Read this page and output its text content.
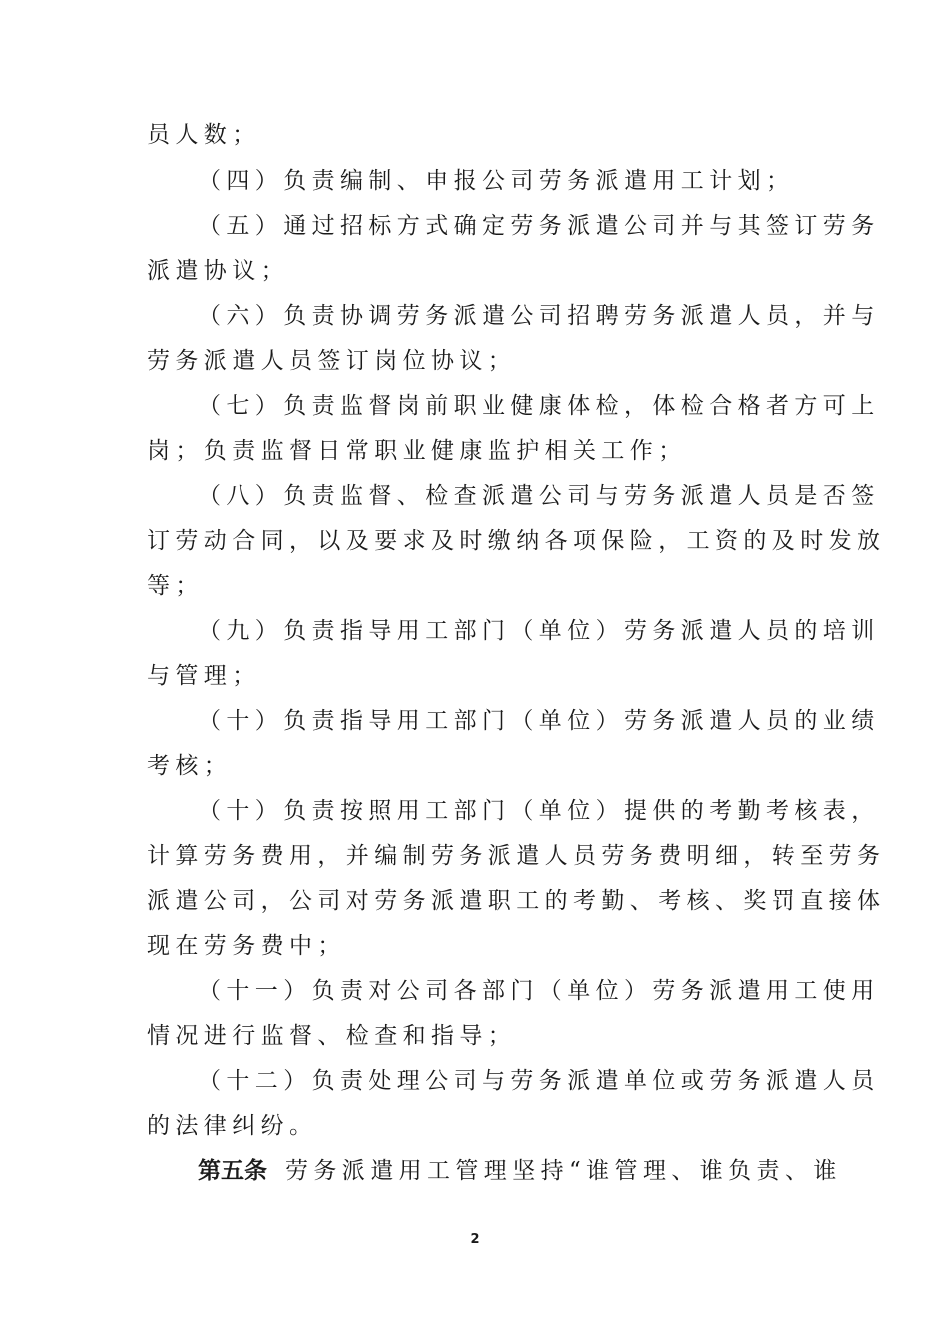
员人数；
（四）负责编制、申报公司劳务派遣用工计划；
（五）通过招标方式确定劳务派遣公司并与其签订劳务
派遣协议；
（六）负责协调劳务派遣公司招聘劳务派遣人员，并与
劳务派遣人员签订岗位协议；
（七）负责监督岗前职业健康体检，体检合格者方可上
岗；负责监督日常职业健康监护相关工作；
（八）负责监督、检查派遣公司与劳务派遣人员是否签
订劳动合同，以及要求及时缴纳各项保险，工资的及时发放
等；
（九）负责指导用工部门（单位）劳务派遣人员的培训
与管理；
（十）负责指导用工部门（单位）劳务派遣人员的业绩
考核；
（十）负责按照用工部门（单位）提供的考勤考核表，
计算劳务费用，并编制劳务派遣人员劳务费明细，转至劳务
派遣公司，公司对劳务派遣职工的考勤、考核、奖罚直接体
现在劳务费中；
（十一）负责对公司各部门（单位）劳务派遣用工使用
情况进行监督、检查和指导；
（十二）负责处理公司与劳务派遣单位或劳务派遣人员
的法律纠纷。
第五条 劳务派遣用工管理坚持“谁管理、谁负责、谁
2
